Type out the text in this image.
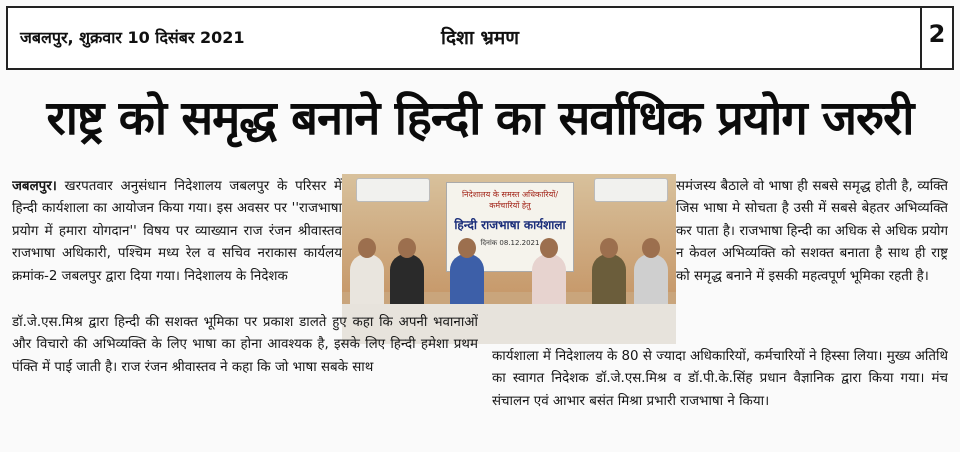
जबलपुर, शुक्रवार 10 दिसंबर 2021	दिशा भ्रमण	2
राष्ट्र को समृद्ध बनाने हिन्दी का सर्वाधिक प्रयोग जरुरी
जबलपुर। खरपतवार अनुसंधान निदेशालय जबलपुर के परिसर में हिन्दी कार्यशाला का आयोजन किया गया। इस अवसर पर ''राजभाषा प्रयोग में हमारा योगदान'' विषय पर व्याख्यान राज रंजन श्रीवास्तव राजभाषा अधिकारी, पश्चिम मध्य रेल व सचिव नराकास कार्यलय क्रमांक-2 जबलपुर द्वारा दिया गया। निदेशालय के निदेशक
निदेशालय के समस्त अधिकारियों/ कर्मचारियों हेतु
हिन्दी राजभाषा कार्यशाला
दिनांक 08.12.2021
समंजस्य बैठाले वो भाषा ही सबसे समृद्ध होती है, व्यक्ति जिस भाषा मे सोचता है उसी में सबसे बेहतर अभिव्यक्ति कर पाता है। राजभाषा हिन्दी का अधिक से अधिक प्रयोग न केवल अभिव्यक्ति को सशक्त बनाता है साथ ही राष्ट्र को समृद्ध बनाने में इसकी महत्वपूर्ण भूमिका रहती है।
डॉ.जे.एस.मिश्र द्वारा हिन्दी की सशक्त भूमिका पर प्रकाश डालते हुए कहा कि अपनी भवानाओं और विचारो की अभिव्यक्ति के लिए भाषा का होना आवश्यक है, इसके लिए हिन्दी हमेशा प्रथम पंक्ति में पाई जाती है। राज रंजन श्रीवास्तव ने कहा कि जो भाषा सबके साथ
कार्यशाला में निदेशालय के 80 से ज्यादा अधिकारियों, कर्मचारियों ने हिस्सा लिया। मुख्य अतिथि का स्वागत निदेशक डॉ.जे.एस.मिश्र व डॉ.पी.के.सिंह प्रधान वैज्ञानिक द्वारा किया गया। मंच संचालन एवं आभार बसंत मिश्रा प्रभारी राजभाषा ने किया।
